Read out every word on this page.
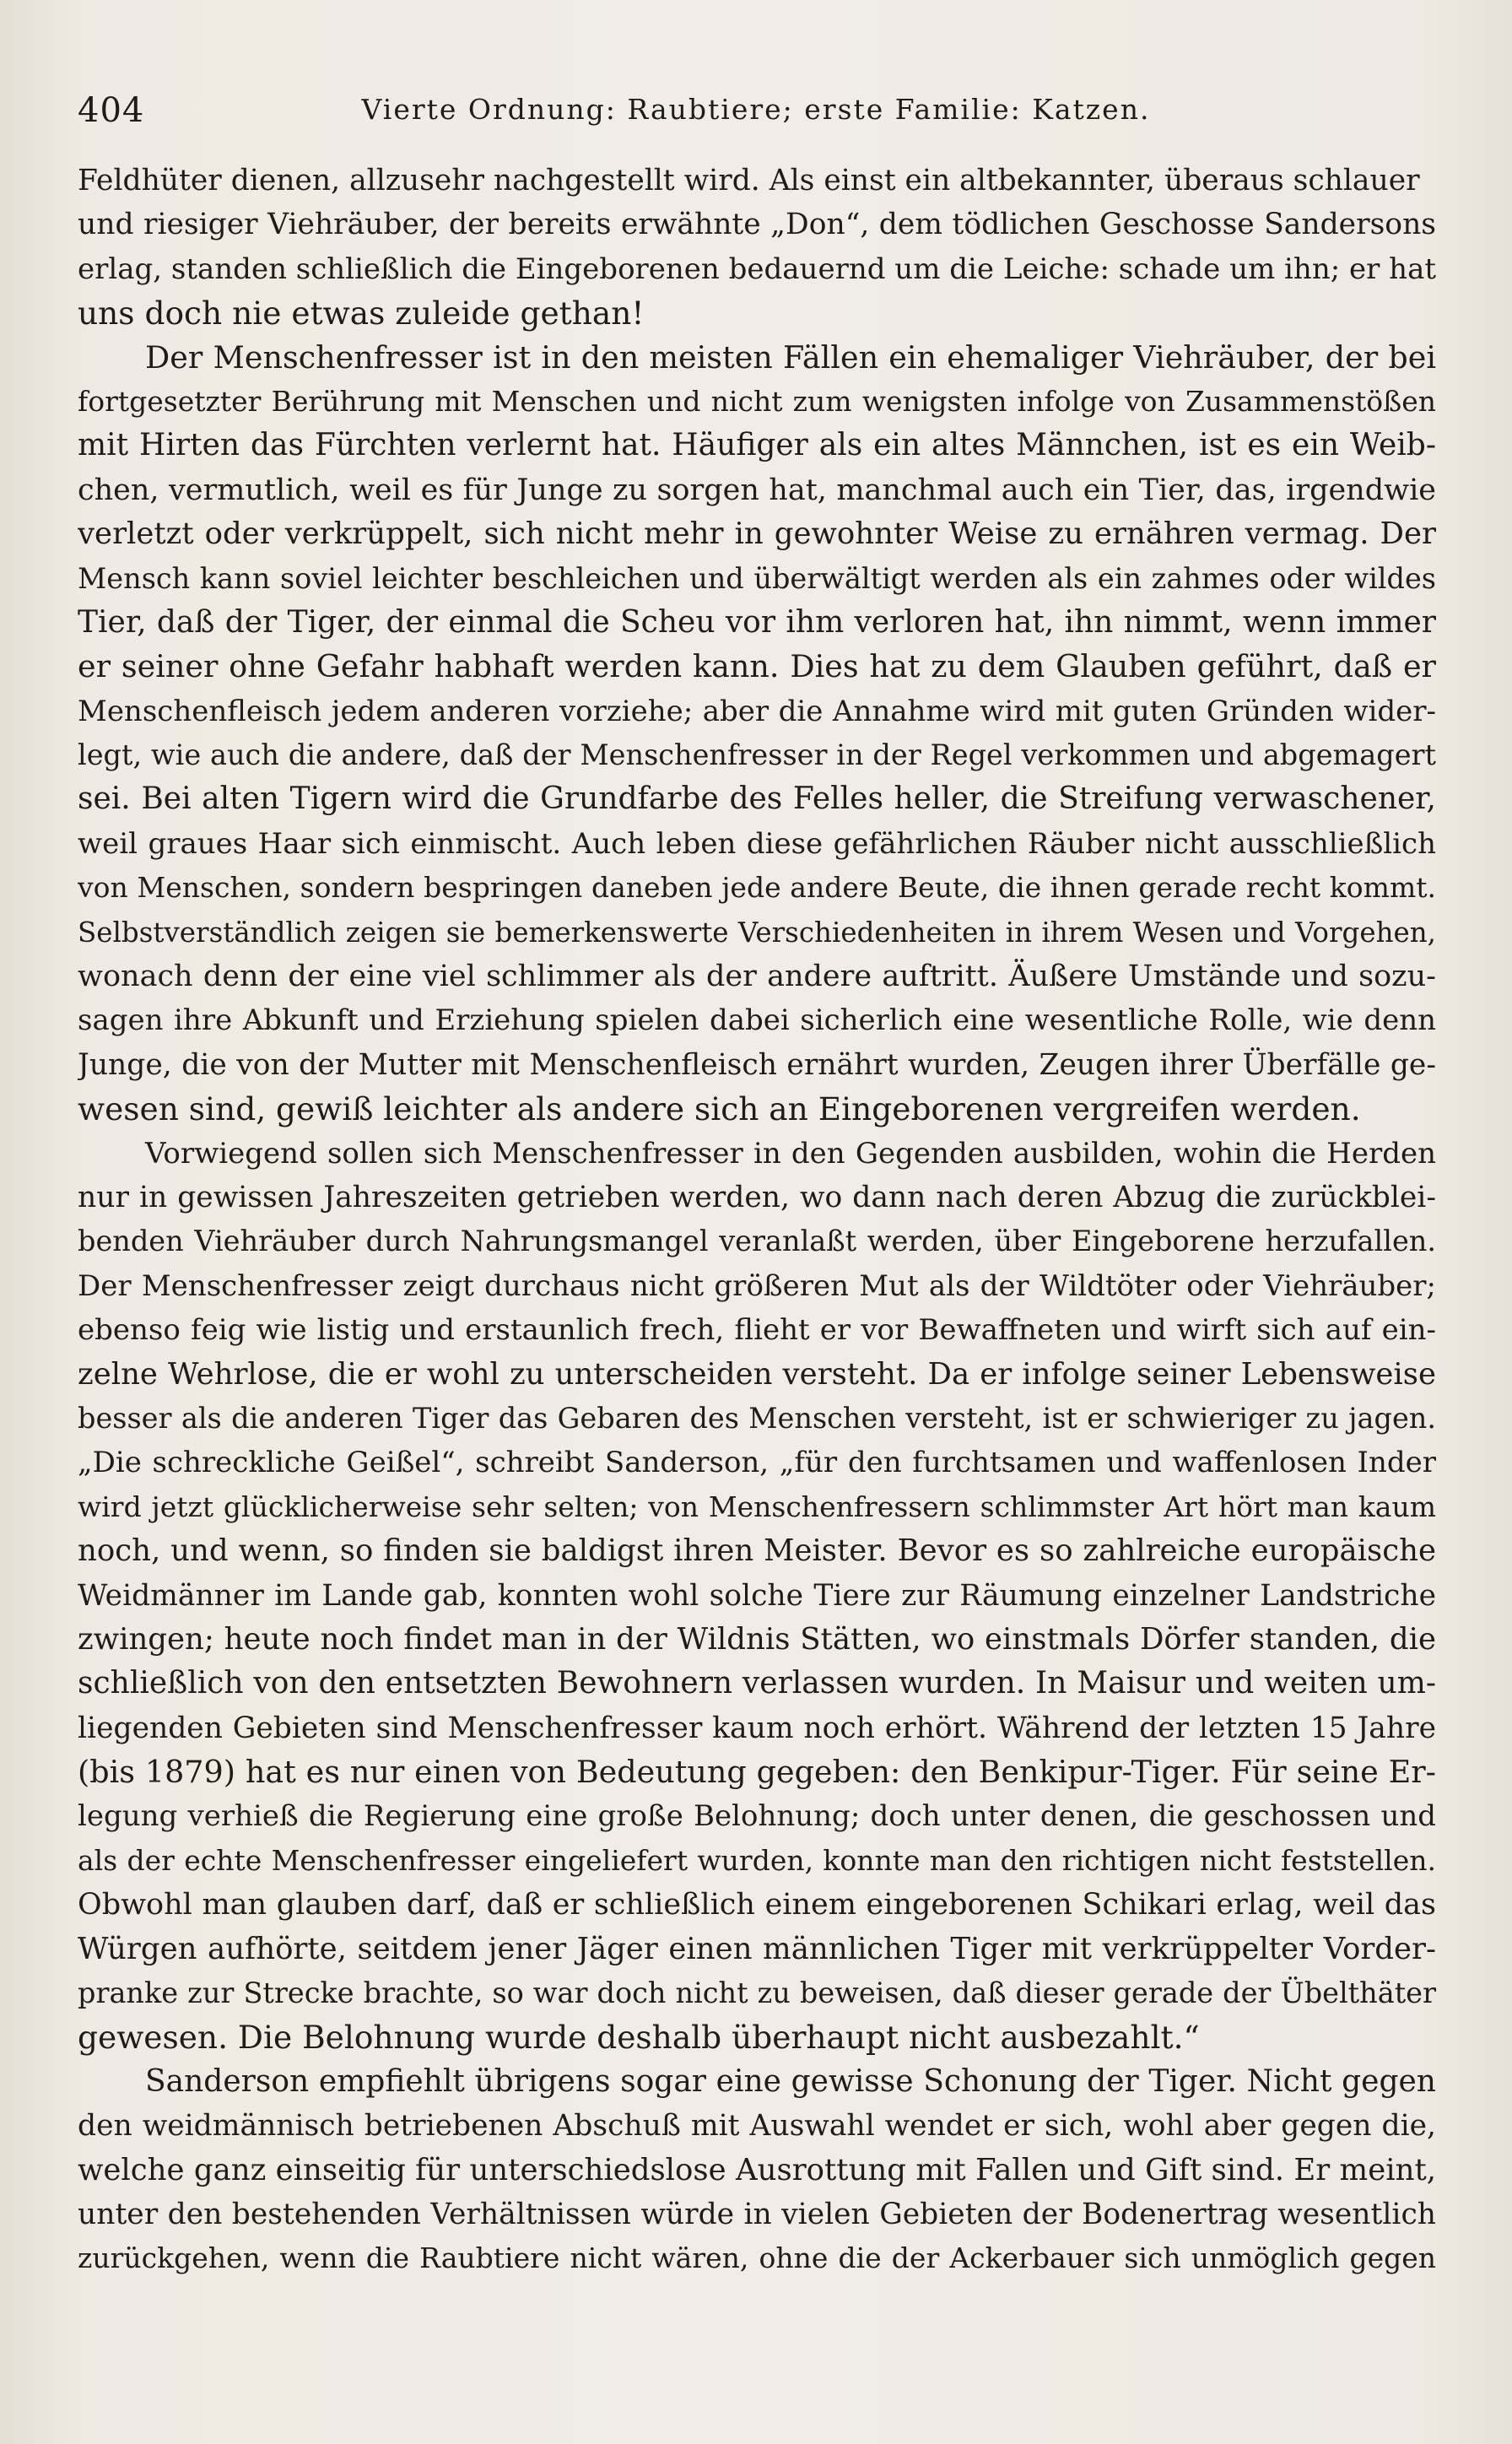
404	Vierte Ordnung: Raubtiere; erste Familie: Katzen.
Feldhüter dienen, allzusehr nachgestellt wird. Als einst ein altbekannter, überaus schlauer
und riesiger Viehräuber, der bereits erwähnte „Don“, dem tödlichen Geschosse Sandersons
erlag, standen schließlich die Eingeborenen bedauernd um die Leiche: schade um ihn; er hat
uns doch nie etwas zuleide gethan!
Der Menschenfresser ist in den meisten Fällen ein ehemaliger Viehräuber, der bei
fortgesetzter Berührung mit Menschen und nicht zum wenigsten infolge von Zusammenstößen
mit Hirten das Fürchten verlernt hat. Häufiger als ein altes Männchen, ist es ein Weib-
chen, vermutlich, weil es für Junge zu sorgen hat, manchmal auch ein Tier, das, irgendwie
verletzt oder verkrüppelt, sich nicht mehr in gewohnter Weise zu ernähren vermag. Der
Mensch kann soviel leichter beschleichen und überwältigt werden als ein zahmes oder wildes
Tier, daß der Tiger, der einmal die Scheu vor ihm verloren hat, ihn nimmt, wenn immer
er seiner ohne Gefahr habhaft werden kann. Dies hat zu dem Glauben geführt, daß er
Menschenfleisch jedem anderen vorziehe; aber die Annahme wird mit guten Gründen wider-
legt, wie auch die andere, daß der Menschenfresser in der Regel verkommen und abgemagert
sei. Bei alten Tigern wird die Grundfarbe des Felles heller, die Streifung verwaschener,
weil graues Haar sich einmischt. Auch leben diese gefährlichen Räuber nicht ausschließlich
von Menschen, sondern bespringen daneben jede andere Beute, die ihnen gerade recht kommt.
Selbstverständlich zeigen sie bemerkenswerte Verschiedenheiten in ihrem Wesen und Vorgehen,
wonach denn der eine viel schlimmer als der andere auftritt. Äußere Umstände und sozu-
sagen ihre Abkunft und Erziehung spielen dabei sicherlich eine wesentliche Rolle, wie denn
Junge, die von der Mutter mit Menschenfleisch ernährt wurden, Zeugen ihrer Überfälle ge-
wesen sind, gewiß leichter als andere sich an Eingeborenen vergreifen werden.
Vorwiegend sollen sich Menschenfresser in den Gegenden ausbilden, wohin die Herden
nur in gewissen Jahreszeiten getrieben werden, wo dann nach deren Abzug die zurückblei-
benden Viehräuber durch Nahrungsmangel veranlaßt werden, über Eingeborene herzufallen.
Der Menschenfresser zeigt durchaus nicht größeren Mut als der Wildtöter oder Viehräuber;
ebenso feig wie listig und erstaunlich frech, flieht er vor Bewaffneten und wirft sich auf ein-
zelne Wehrlose, die er wohl zu unterscheiden versteht. Da er infolge seiner Lebensweise
besser als die anderen Tiger das Gebaren des Menschen versteht, ist er schwieriger zu jagen.
„Die schreckliche Geißel“, schreibt Sanderson, „für den furchtsamen und waffenlosen Inder
wird jetzt glücklicherweise sehr selten; von Menschenfressern schlimmster Art hört man kaum
noch, und wenn, so finden sie baldigst ihren Meister. Bevor es so zahlreiche europäische
Weidmänner im Lande gab, konnten wohl solche Tiere zur Räumung einzelner Landstriche
zwingen; heute noch findet man in der Wildnis Stätten, wo einstmals Dörfer standen, die
schließlich von den entsetzten Bewohnern verlassen wurden. In Maisur und weiten um-
liegenden Gebieten sind Menschenfresser kaum noch erhört. Während der letzten 15 Jahre
(bis 1879) hat es nur einen von Bedeutung gegeben: den Benkipur-Tiger. Für seine Er-
legung verhieß die Regierung eine große Belohnung; doch unter denen, die geschossen und
als der echte Menschenfresser eingeliefert wurden, konnte man den richtigen nicht feststellen.
Obwohl man glauben darf, daß er schließlich einem eingeborenen Schikari erlag, weil das
Würgen aufhörte, seitdem jener Jäger einen männlichen Tiger mit verkrüppelter Vorder-
pranke zur Strecke brachte, so war doch nicht zu beweisen, daß dieser gerade der Übelthäter
gewesen. Die Belohnung wurde deshalb überhaupt nicht ausbezahlt.“
Sanderson empfiehlt übrigens sogar eine gewisse Schonung der Tiger. Nicht gegen
den weidmännisch betriebenen Abschuß mit Auswahl wendet er sich, wohl aber gegen die,
welche ganz einseitig für unterschiedslose Ausrottung mit Fallen und Gift sind. Er meint,
unter den bestehenden Verhältnissen würde in vielen Gebieten der Bodenertrag wesentlich
zurückgehen, wenn die Raubtiere nicht wären, ohne die der Ackerbauer sich unmöglich gegen
